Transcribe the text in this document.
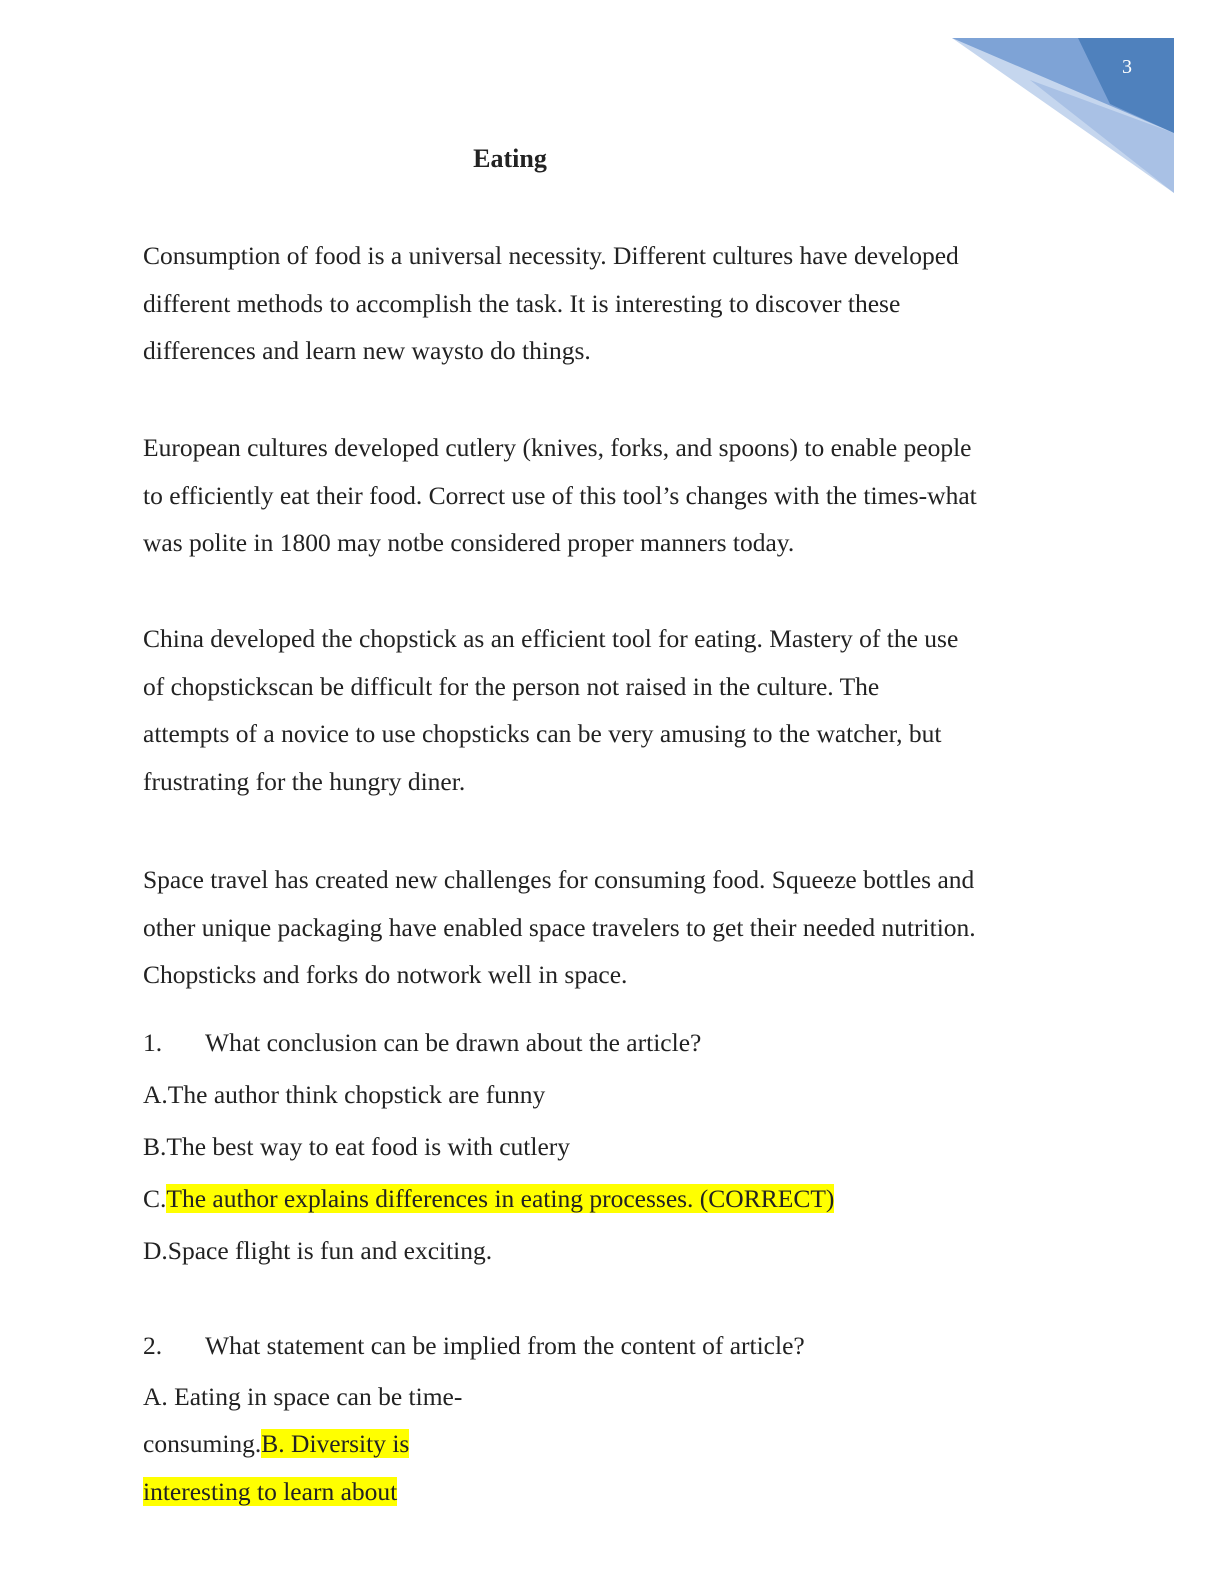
3
Eating

Consumption of food is a universal necessity. Different cultures have developed
different methods to accomplish the task. It is interesting to discover these
differences and learn new waysto do things.

European cultures developed cutlery (knives, forks, and spoons) to enable people
to efficiently eat their food. Correct use of this tool’s changes with the times-what
was polite in 1800 may notbe considered proper manners today.

China developed the chopstick as an efficient tool for eating. Mastery of the use
of chopstickscan be difficult for the person not raised in the culture. The
attempts of a novice to use chopsticks can be very amusing to the watcher, but
frustrating for the hungry diner.

Space travel has created new challenges for consuming food. Squeeze bottles and
other unique packaging have enabled space travelers to get their needed nutrition.
Chopsticks and forks do notwork well in space.

1. What conclusion can be drawn about the article?

A.The author think chopstick are funny

B.The best way to eat food is with cutlery

C.The author explains differences in eating processes. (CORRECT)

D.Space flight is fun and exciting.

2. What statement can be implied from the content of article?

A. Eating in space can be time-

consuming.B. Diversity is

interesting to learn about
